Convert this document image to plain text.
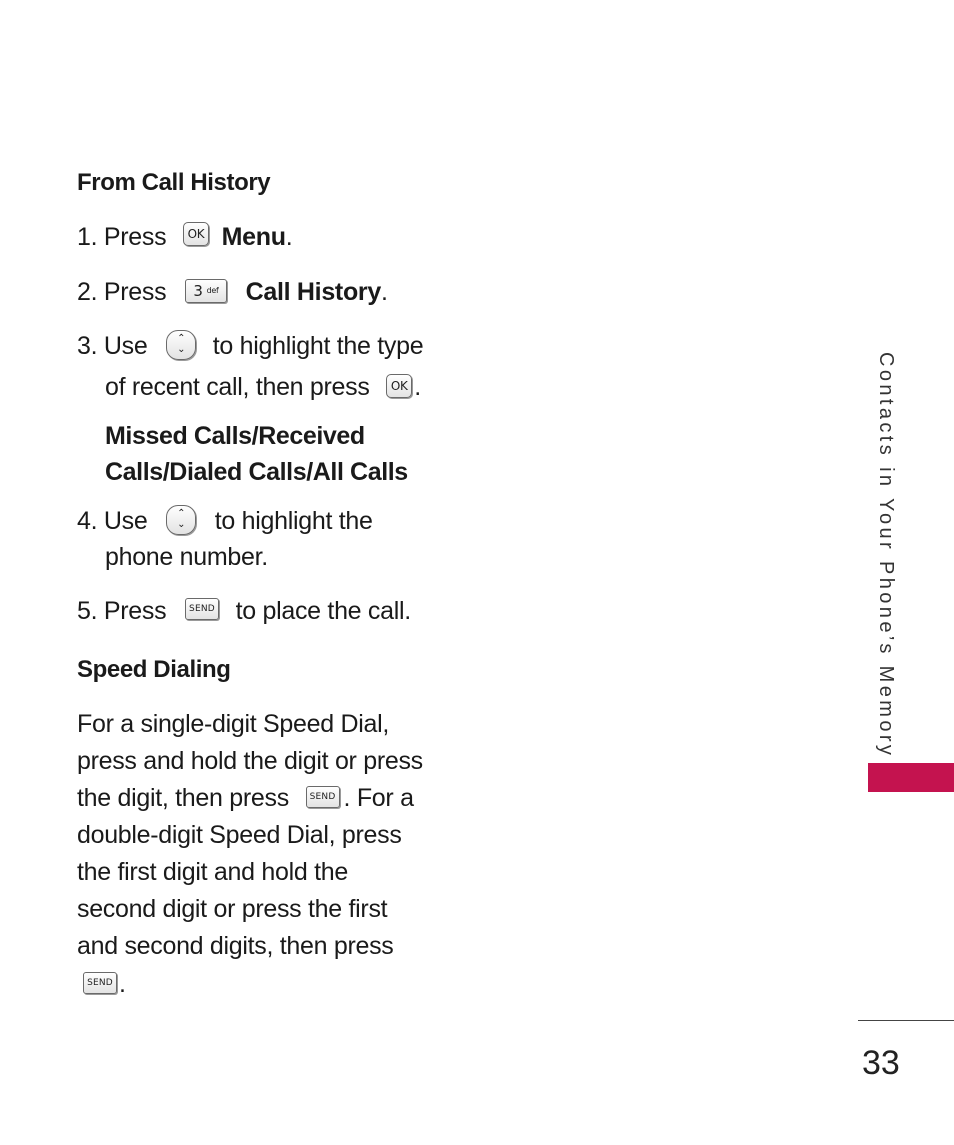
From Call History
1. Press OK Menu.
2. Press 3 $^{def}$ Call History.
3. Use	⌃
⌄ to highlight the type
of recent call, then press OK .
Missed Calls/Received
Calls/Dialed Calls/All Calls
4. Use	⌃
⌄ to highlight the
phone number.
5. Press	SEND to place the call.
Speed Dialing
For a single-digit Speed Dial,
press and hold the digit or press
the digit, then press SEND . For a
double-digit Speed Dial, press
the first digit and hold the
second digit or press the first
and second digits, then press
SEND .
Contacts in Your Phone’s Memory
33
